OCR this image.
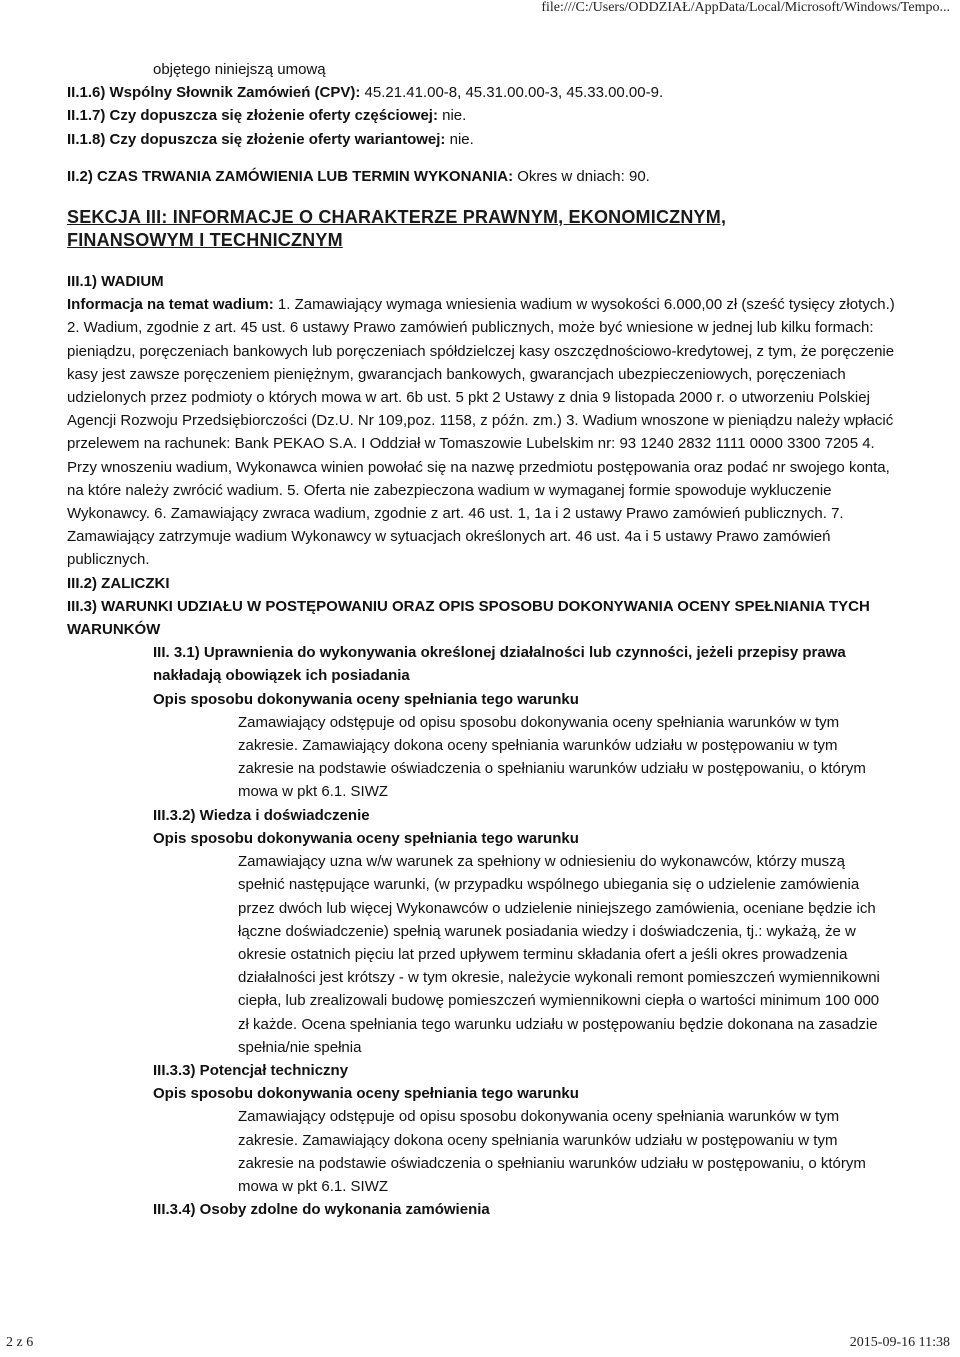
file:///C:/Users/ODDZIAŁ/AppData/Local/Microsoft/Windows/Tempo...

objętego niniejszą umową

II.1.6) Wspólny Słownik Zamówień (CPV): 45.21.41.00-8, 45.31.00.00-3, 45.33.00.00-9.

II.1.7) Czy dopuszcza się złożenie oferty częściowej: nie.

II.1.8) Czy dopuszcza się złożenie oferty wariantowej: nie.

II.2) CZAS TRWANIA ZAMÓWIENIA LUB TERMIN WYKONANIA: Okres w dniach: 90.

SEKCJA III: INFORMACJE O CHARAKTERZE PRAWNYM, EKONOMICZNYM, FINANSOWYM I TECHNICZNYM

III.1) WADIUM

Informacja na temat wadium: 1. Zamawiający wymaga wniesienia wadium w wysokości 6.000,00 zł (sześć tysięcy złotych.) 2. Wadium, zgodnie z art. 45 ust. 6 ustawy Prawo zamówień publicznych, może być wniesione w jednej lub kilku formach: pieniądzu, poręczeniach bankowych lub poręczeniach spółdzielczej kasy oszczędnościowo-kredytowej, z tym, że poręczenie kasy jest zawsze poręczeniem pieniężnym, gwarancjach bankowych, gwarancjach ubezpieczeniowych, poręczeniach udzielonych przez podmioty o których mowa w art. 6b ust. 5 pkt 2 Ustawy z dnia 9 listopada 2000 r. o utworzeniu Polskiej Agencji Rozwoju Przedsiębiorczości (Dz.U. Nr 109,poz. 1158, z późn. zm.) 3. Wadium wnoszone w pieniądzu należy wpłacić przelewem na rachunek: Bank PEKAO S.A. I Oddział w Tomaszowie Lubelskim nr: 93 1240 2832 1111 0000 3300 7205 4. Przy wnoszeniu wadium, Wykonawca winien powołać się na nazwę przedmiotu postępowania oraz podać nr swojego konta, na które należy zwrócić wadium. 5. Oferta nie zabezpieczona wadium w wymaganej formie spowoduje wykluczenie Wykonawcy. 6. Zamawiający zwraca wadium, zgodnie z art. 46 ust. 1, 1a i 2 ustawy Prawo zamówień publicznych. 7. Zamawiający zatrzymuje wadium Wykonawcy w sytuacjach określonych art. 46 ust. 4a i 5 ustawy Prawo zamówień publicznych.

III.2) ZALICZKI

III.3) WARUNKI UDZIAŁU W POSTĘPOWANIU ORAZ OPIS SPOSOBU DOKONYWANIA OCENY SPEŁNIANIA TYCH WARUNKÓW

III. 3.1) Uprawnienia do wykonywania określonej działalności lub czynności, jeżeli przepisy prawa nakładają obowiązek ich posiadania

Opis sposobu dokonywania oceny spełniania tego warunku

Zamawiający odstępuje od opisu sposobu dokonywania oceny spełniania warunków w tym zakresie. Zamawiający dokona oceny spełniania warunków udziału w postępowaniu w tym zakresie na podstawie oświadczenia o spełnianiu warunków udziału w postępowaniu, o którym mowa w pkt 6.1. SIWZ

III.3.2) Wiedza i doświadczenie

Opis sposobu dokonywania oceny spełniania tego warunku

Zamawiający uzna w/w warunek za spełniony w odniesieniu do wykonawców, którzy muszą spełnić następujące warunki, (w przypadku wspólnego ubiegania się o udzielenie zamówienia przez dwóch lub więcej Wykonawców o udzielenie niniejszego zamówienia, oceniane będzie ich łączne doświadczenie) spełnią warunek posiadania wiedzy i doświadczenia, tj.: wykażą, że w okresie ostatnich pięciu lat przed upływem terminu składania ofert a jeśli okres prowadzenia działalności jest krótszy - w tym okresie, należycie wykonali remont pomieszczeń wymiennikowni ciepła, lub zrealizowali budowę pomieszczeń wymiennikowni ciepła o wartości minimum 100 000 zł każde. Ocena spełniania tego warunku udziału w postępowaniu będzie dokonana na zasadzie spełnia/nie spełnia

III.3.3) Potencjał techniczny

Opis sposobu dokonywania oceny spełniania tego warunku

Zamawiający odstępuje od opisu sposobu dokonywania oceny spełniania warunków w tym zakresie. Zamawiający dokona oceny spełniania warunków udziału w postępowaniu w tym zakresie na podstawie oświadczenia o spełnianiu warunków udziału w postępowaniu, o którym mowa w pkt 6.1. SIWZ

III.3.4) Osoby zdolne do wykonania zamówienia

2 z 6	2015-09-16 11:38
